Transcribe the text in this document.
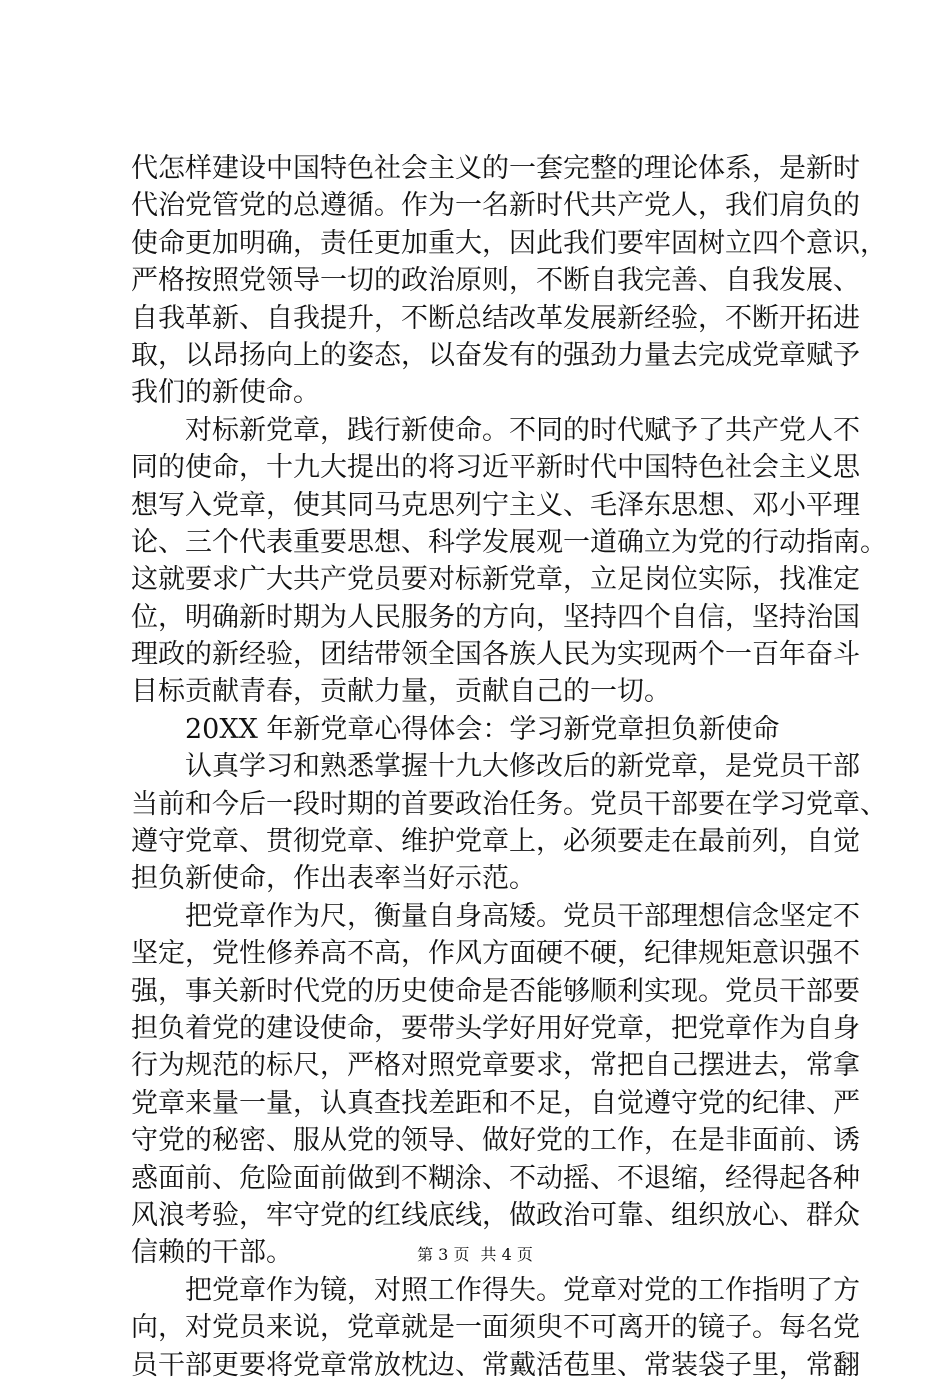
代怎样建设中国特色社会主义的一套完整的理论体系，是新时
代治党管党的总遵循。作为一名新时代共产党人，我们肩负的
使命更加明确，责任更加重大，因此我们要牢固树立四个意识，
严格按照党领导一切的政治原则，不断自我完善、自我发展、
自我革新、自我提升，不断总结改革发展新经验，不断开拓进
取，以昂扬向上的姿态，以奋发有的强劲力量去完成党章赋予
我们的新使命。
对标新党章，践行新使命。不同的时代赋予了共产党人不
同的使命，十九大提出的将习近平新时代中国特色社会主义思
想写入党章，使其同马克思列宁主义、毛泽东思想、邓小平理
论、三个代表重要思想、科学发展观一道确立为党的行动指南。
这就要求广大共产党员要对标新党章，立足岗位实际，找准定
位，明确新时期为人民服务的方向，坚持四个自信，坚持治国
理政的新经验，团结带领全国各族人民为实现两个一百年奋斗
目标贡献青春，贡献力量，贡献自己的一切。
20XX 年新党章心得体会：学习新党章担负新使命
认真学习和熟悉掌握十九大修改后的新党章，是党员干部
当前和今后一段时期的首要政治任务。党员干部要在学习党章、
遵守党章、贯彻党章、维护党章上，必须要走在最前列，自觉
担负新使命，作出表率当好示范。
把党章作为尺，衡量自身高矮。党员干部理想信念坚定不
坚定，党性修养高不高，作风方面硬不硬，纪律规矩意识强不
强，事关新时代党的历史使命是否能够顺利实现。党员干部要
担负着党的建设使命，要带头学好用好党章，把党章作为自身
行为规范的标尺，严格对照党章要求，常把自己摆进去，常拿
党章来量一量，认真查找差距和不足，自觉遵守党的纪律、严
守党的秘密、服从党的领导、做好党的工作，在是非面前、诱
惑面前、危险面前做到不糊涂、不动摇、不退缩，经得起各种
风浪考验，牢守党的红线底线，做政治可靠、组织放心、群众
信赖的干部。
把党章作为镜，对照工作得失。党章对党的工作指明了方
向，对党员来说，党章就是一面须臾不可离开的镜子。每名党
员干部更要将党章常放枕边、常戴活苞里、常装袋子里，常翻
第 3 页 共 4 页
